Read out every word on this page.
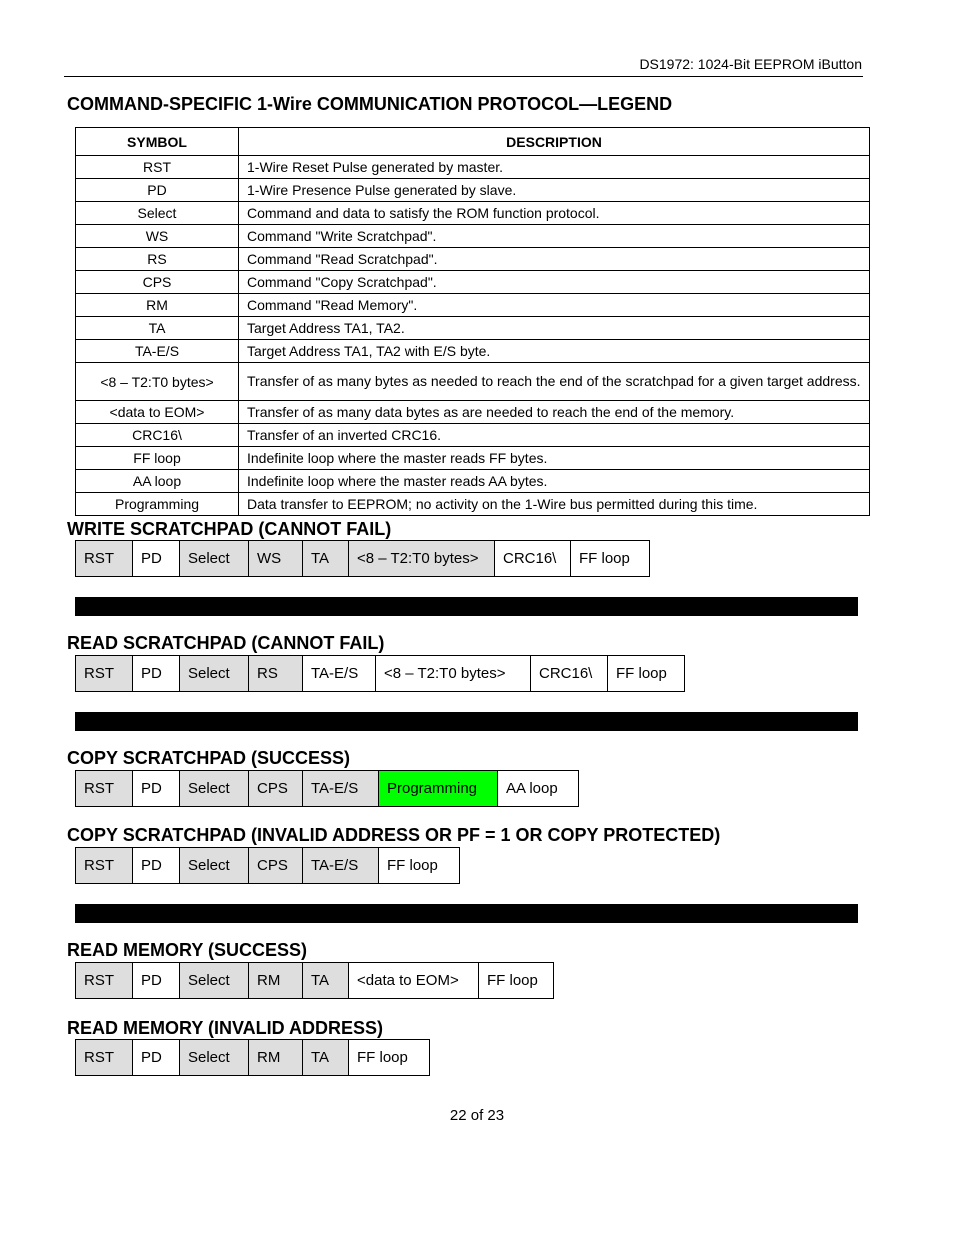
DS1972: 1024-Bit EEPROM iButton
COMMAND-SPECIFIC 1-Wire COMMUNICATION PROTOCOL—LEGEND
SYMBOL	DESCRIPTION
RST	1-Wire Reset Pulse generated by master.
PD	1-Wire Presence Pulse generated by slave.
Select	Command and data to satisfy the ROM function protocol.
WS	Command "Write Scratchpad".
RS	Command "Read Scratchpad".
CPS	Command "Copy Scratchpad".
RM	Command "Read Memory".
TA	Target Address TA1, TA2.
TA-E/S	Target Address TA1, TA2 with E/S byte.
<8 – T2:T0 bytes>	Transfer of as many bytes as needed to reach the end of the scratchpad for a given target address.
<data to EOM>	Transfer of as many data bytes as are needed to reach the end of the memory.
CRC16\	Transfer of an inverted CRC16.
FF loop	Indefinite loop where the master reads FF bytes.
AA loop	Indefinite loop where the master reads AA bytes.
Programming	Data transfer to EEPROM; no activity on the 1-Wire bus permitted during this time.
WRITE SCRATCHPAD (CANNOT FAIL)
RST	PD	Select	WS	TA	<8 – T2:T0 bytes>	CRC16\	FF loop
READ SCRATCHPAD (CANNOT FAIL)
RST	PD	Select	RS	TA-E/S	<8 – T2:T0 bytes>	CRC16\	FF loop
COPY SCRATCHPAD (SUCCESS)
RST	PD	Select	CPS	TA-E/S	Programming	AA loop
COPY SCRATCHPAD (INVALID ADDRESS OR PF = 1 OR COPY PROTECTED)
RST	PD	Select	CPS	TA-E/S	FF loop
READ MEMORY (SUCCESS)
RST	PD	Select	RM	TA	<data to EOM>	FF loop
READ MEMORY (INVALID ADDRESS)
RST	PD	Select	RM	TA	FF loop
22 of 23
